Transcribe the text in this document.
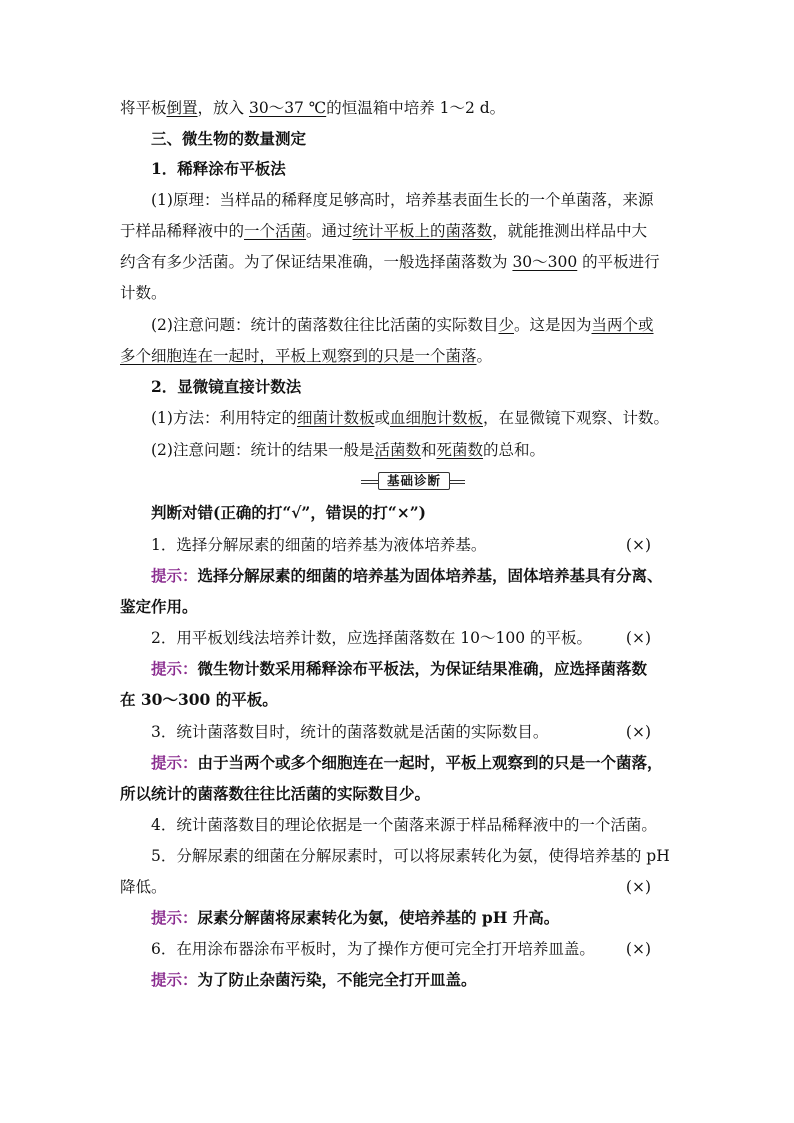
将平板倒置，放入 30～37 ℃的恒温箱中培养 1～2 d。
三、微生物的数量测定
1．稀释涂布平板法
(1)原理：当样品的稀释度足够高时，培养基表面生长的一个单菌落，来源
于样品稀释液中的一个活菌。通过统计平板上的菌落数，就能推测出样品中大
约含有多少活菌。为了保证结果准确，一般选择菌落数为 30～300 的平板进行
计数。
(2)注意问题：统计的菌落数往往比活菌的实际数目少。这是因为当两个或
多个细胞连在一起时，平板上观察到的只是一个菌落。
2．显微镜直接计数法
(1)方法：利用特定的细菌计数板或血细胞计数板，在显微镜下观察、计数。
(2)注意问题：统计的结果一般是活菌数和死菌数的总和。
基础诊断
判断对错(正确的打“√”，错误的打“×”)
1．选择分解尿素的细菌的培养基为液体培养基。	(×)
提示：选择分解尿素的细菌的培养基为固体培养基，固体培养基具有分离、
鉴定作用。
2．用平板划线法培养计数，应选择菌落数在 10～100 的平板。 (×)
提示：微生物计数采用稀释涂布平板法，为保证结果准确，应选择菌落数
在 30～300 的平板。
3．统计菌落数目时，统计的菌落数就是活菌的实际数目。	(×)
提示：由于当两个或多个细胞连在一起时，平板上观察到的只是一个菌落，
所以统计的菌落数往往比活菌的实际数目少。
4．统计菌落数目的理论依据是一个菌落来源于样品稀释液中的一个活菌。
5．分解尿素的细菌在分解尿素时，可以将尿素转化为氨，使得培养基的 pH
降低。	(×)
提示：尿素分解菌将尿素转化为氨，使培养基的 pH 升高。
6．在用涂布器涂布平板时，为了操作方便可完全打开培养皿盖。 (×)
提示：为了防止杂菌污染，不能完全打开皿盖。
